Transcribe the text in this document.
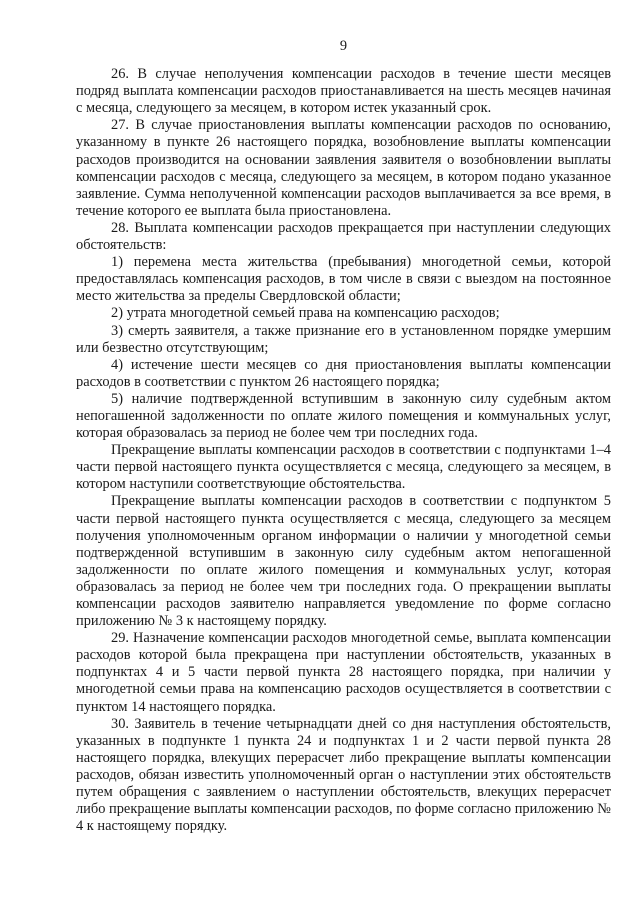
9

26. В случае неполучения компенсации расходов в течение шести месяцев подряд выплата компенсации расходов приостанавливается на шесть месяцев начиная с месяца, следующего за месяцем, в котором истек указанный срок.

27. В случае приостановления выплаты компенсации расходов по основанию, указанному в пункте 26 настоящего порядка, возобновление выплаты компенсации расходов производится на основании заявления заявителя о возобновлении выплаты компенсации расходов с месяца, следующего за месяцем, в котором подано указанное заявление. Сумма неполученной компенсации расходов выплачивается за все время, в течение которого ее выплата была приостановлена.

28. Выплата компенсации расходов прекращается при наступлении следующих обстоятельств:

1) перемена места жительства (пребывания) многодетной семьи, которой предоставлялась компенсация расходов, в том числе в связи с выездом на постоянное место жительства за пределы Свердловской области;

2) утрата многодетной семьей права на компенсацию расходов;

3) смерть заявителя, а также признание его в установленном порядке умершим или безвестно отсутствующим;

4) истечение шести месяцев со дня приостановления выплаты компенсации расходов в соответствии с пунктом 26 настоящего порядка;

5) наличие подтвержденной вступившим в законную силу судебным актом непогашенной задолженности по оплате жилого помещения и коммунальных услуг, которая образовалась за период не более чем три последних года.

Прекращение выплаты компенсации расходов в соответствии с подпунктами 1–4 части первой настоящего пункта осуществляется с месяца, следующего за месяцем, в котором наступили соответствующие обстоятельства.

Прекращение выплаты компенсации расходов в соответствии с подпунктом 5 части первой настоящего пункта осуществляется с месяца, следующего за месяцем получения уполномоченным органом информации о наличии у многодетной семьи подтвержденной вступившим в законную силу судебным актом непогашенной задолженности по оплате жилого помещения и коммунальных услуг, которая образовалась за период не более чем три последних года. О прекращении выплаты компенсации расходов заявителю направляется уведомление по форме согласно приложению № 3 к настоящему порядку.

29. Назначение компенсации расходов многодетной семье, выплата компенсации расходов которой была прекращена при наступлении обстоятельств, указанных в подпунктах 4 и 5 части первой пункта 28 настоящего порядка, при наличии у многодетной семьи права на компенсацию расходов осуществляется в соответствии с пунктом 14 настоящего порядка.

30. Заявитель в течение четырнадцати дней со дня наступления обстоятельств, указанных в подпункте 1 пункта 24 и подпунктах 1 и 2 части первой пункта 28 настоящего порядка, влекущих перерасчет либо прекращение выплаты компенсации расходов, обязан известить уполномоченный орган о наступлении этих обстоятельств путем обращения с заявлением о наступлении обстоятельств, влекущих перерасчет либо прекращение выплаты компенсации расходов, по форме согласно приложению № 4 к настоящему порядку.
